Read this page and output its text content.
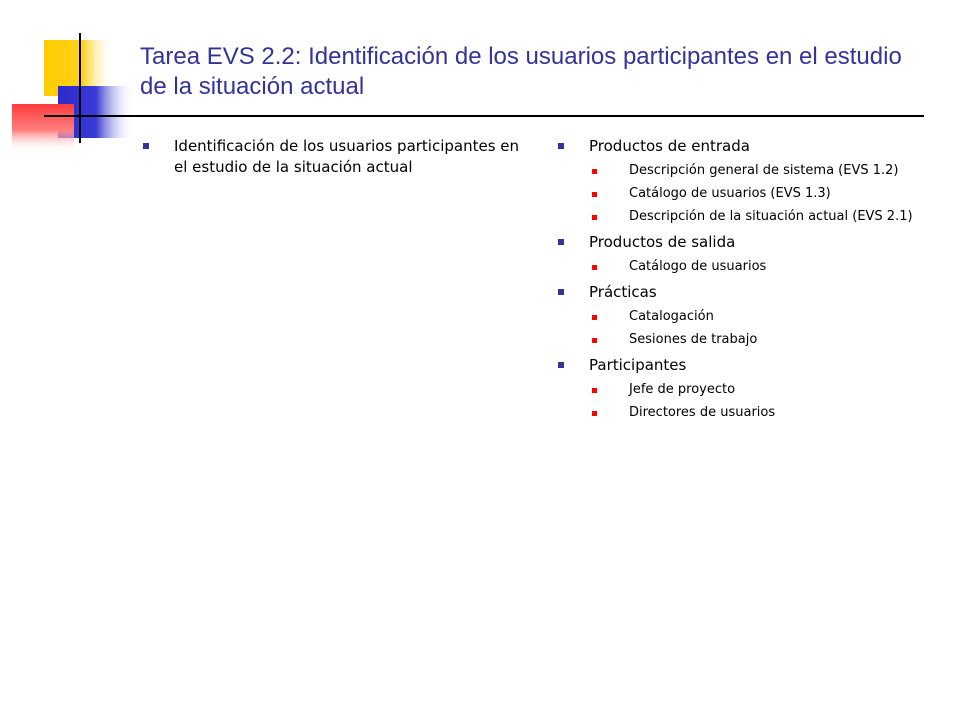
Tarea EVS 2.2: Identificación de los usuarios participantes en el estudio de la situación actual
Identificación de los usuarios participantes en el estudio de la situación actual
Productos de entrada
Descripción general de sistema (EVS 1.2)
Catálogo de usuarios (EVS 1.3)
Descripción de la situación actual (EVS 2.1)
Productos de salida
Catálogo de usuarios
Prácticas
Catalogación
Sesiones de trabajo
Participantes
Jefe de proyecto
Directores de usuarios
